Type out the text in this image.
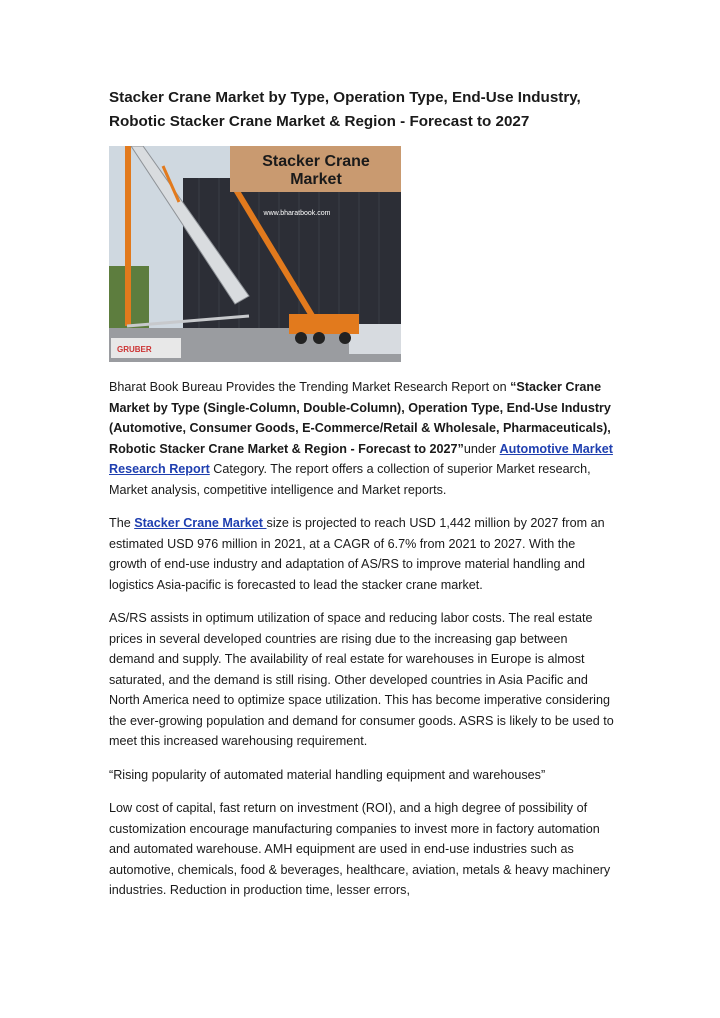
Stacker Crane Market by Type, Operation Type, End-Use Industry,
Robotic Stacker Crane Market & Region - Forecast to 2027
GRUBER
Stacker Crane
Market
www.bharatbook.com

Bharat Book Bureau Provides the Trending Market Research Report on “Stacker Crane Market by Type (Single-Column, Double-Column), Operation Type, End-Use Industry (Automotive, Consumer Goods, E-Commerce/Retail & Wholesale, Pharmaceuticals), Robotic Stacker Crane Market & Region - Forecast to 2027”under Automotive Market Research Report Category. The report offers a collection of superior Market research, Market analysis, competitive intelligence and Market reports.

The Stacker Crane Market size is projected to reach USD 1,442 million by 2027 from an estimated USD 976 million in 2021, at a CAGR of 6.7% from 2021 to 2027. With the growth of end-use industry and adaptation of AS/RS to improve material handling and logistics Asia-pacific is forecasted to lead the stacker crane market.

AS/RS assists in optimum utilization of space and reducing labor costs. The real estate prices in several developed countries are rising due to the increasing gap between demand and supply. The availability of real estate for warehouses in Europe is almost saturated, and the demand is still rising. Other developed countries in Asia Pacific and North America need to optimize space utilization. This has become imperative considering the ever-growing population and demand for consumer goods. ASRS is likely to be used to meet this increased warehousing requirement.

“Rising popularity of automated material handling equipment and warehouses”

Low cost of capital, fast return on investment (ROI), and a high degree of possibility of customization encourage manufacturing companies to invest more in factory automation and automated warehouse. AMH equipment are used in end-use industries such as automotive, chemicals, food & beverages, healthcare, aviation, metals & heavy machinery industries. Reduction in production time, lesser errors,
